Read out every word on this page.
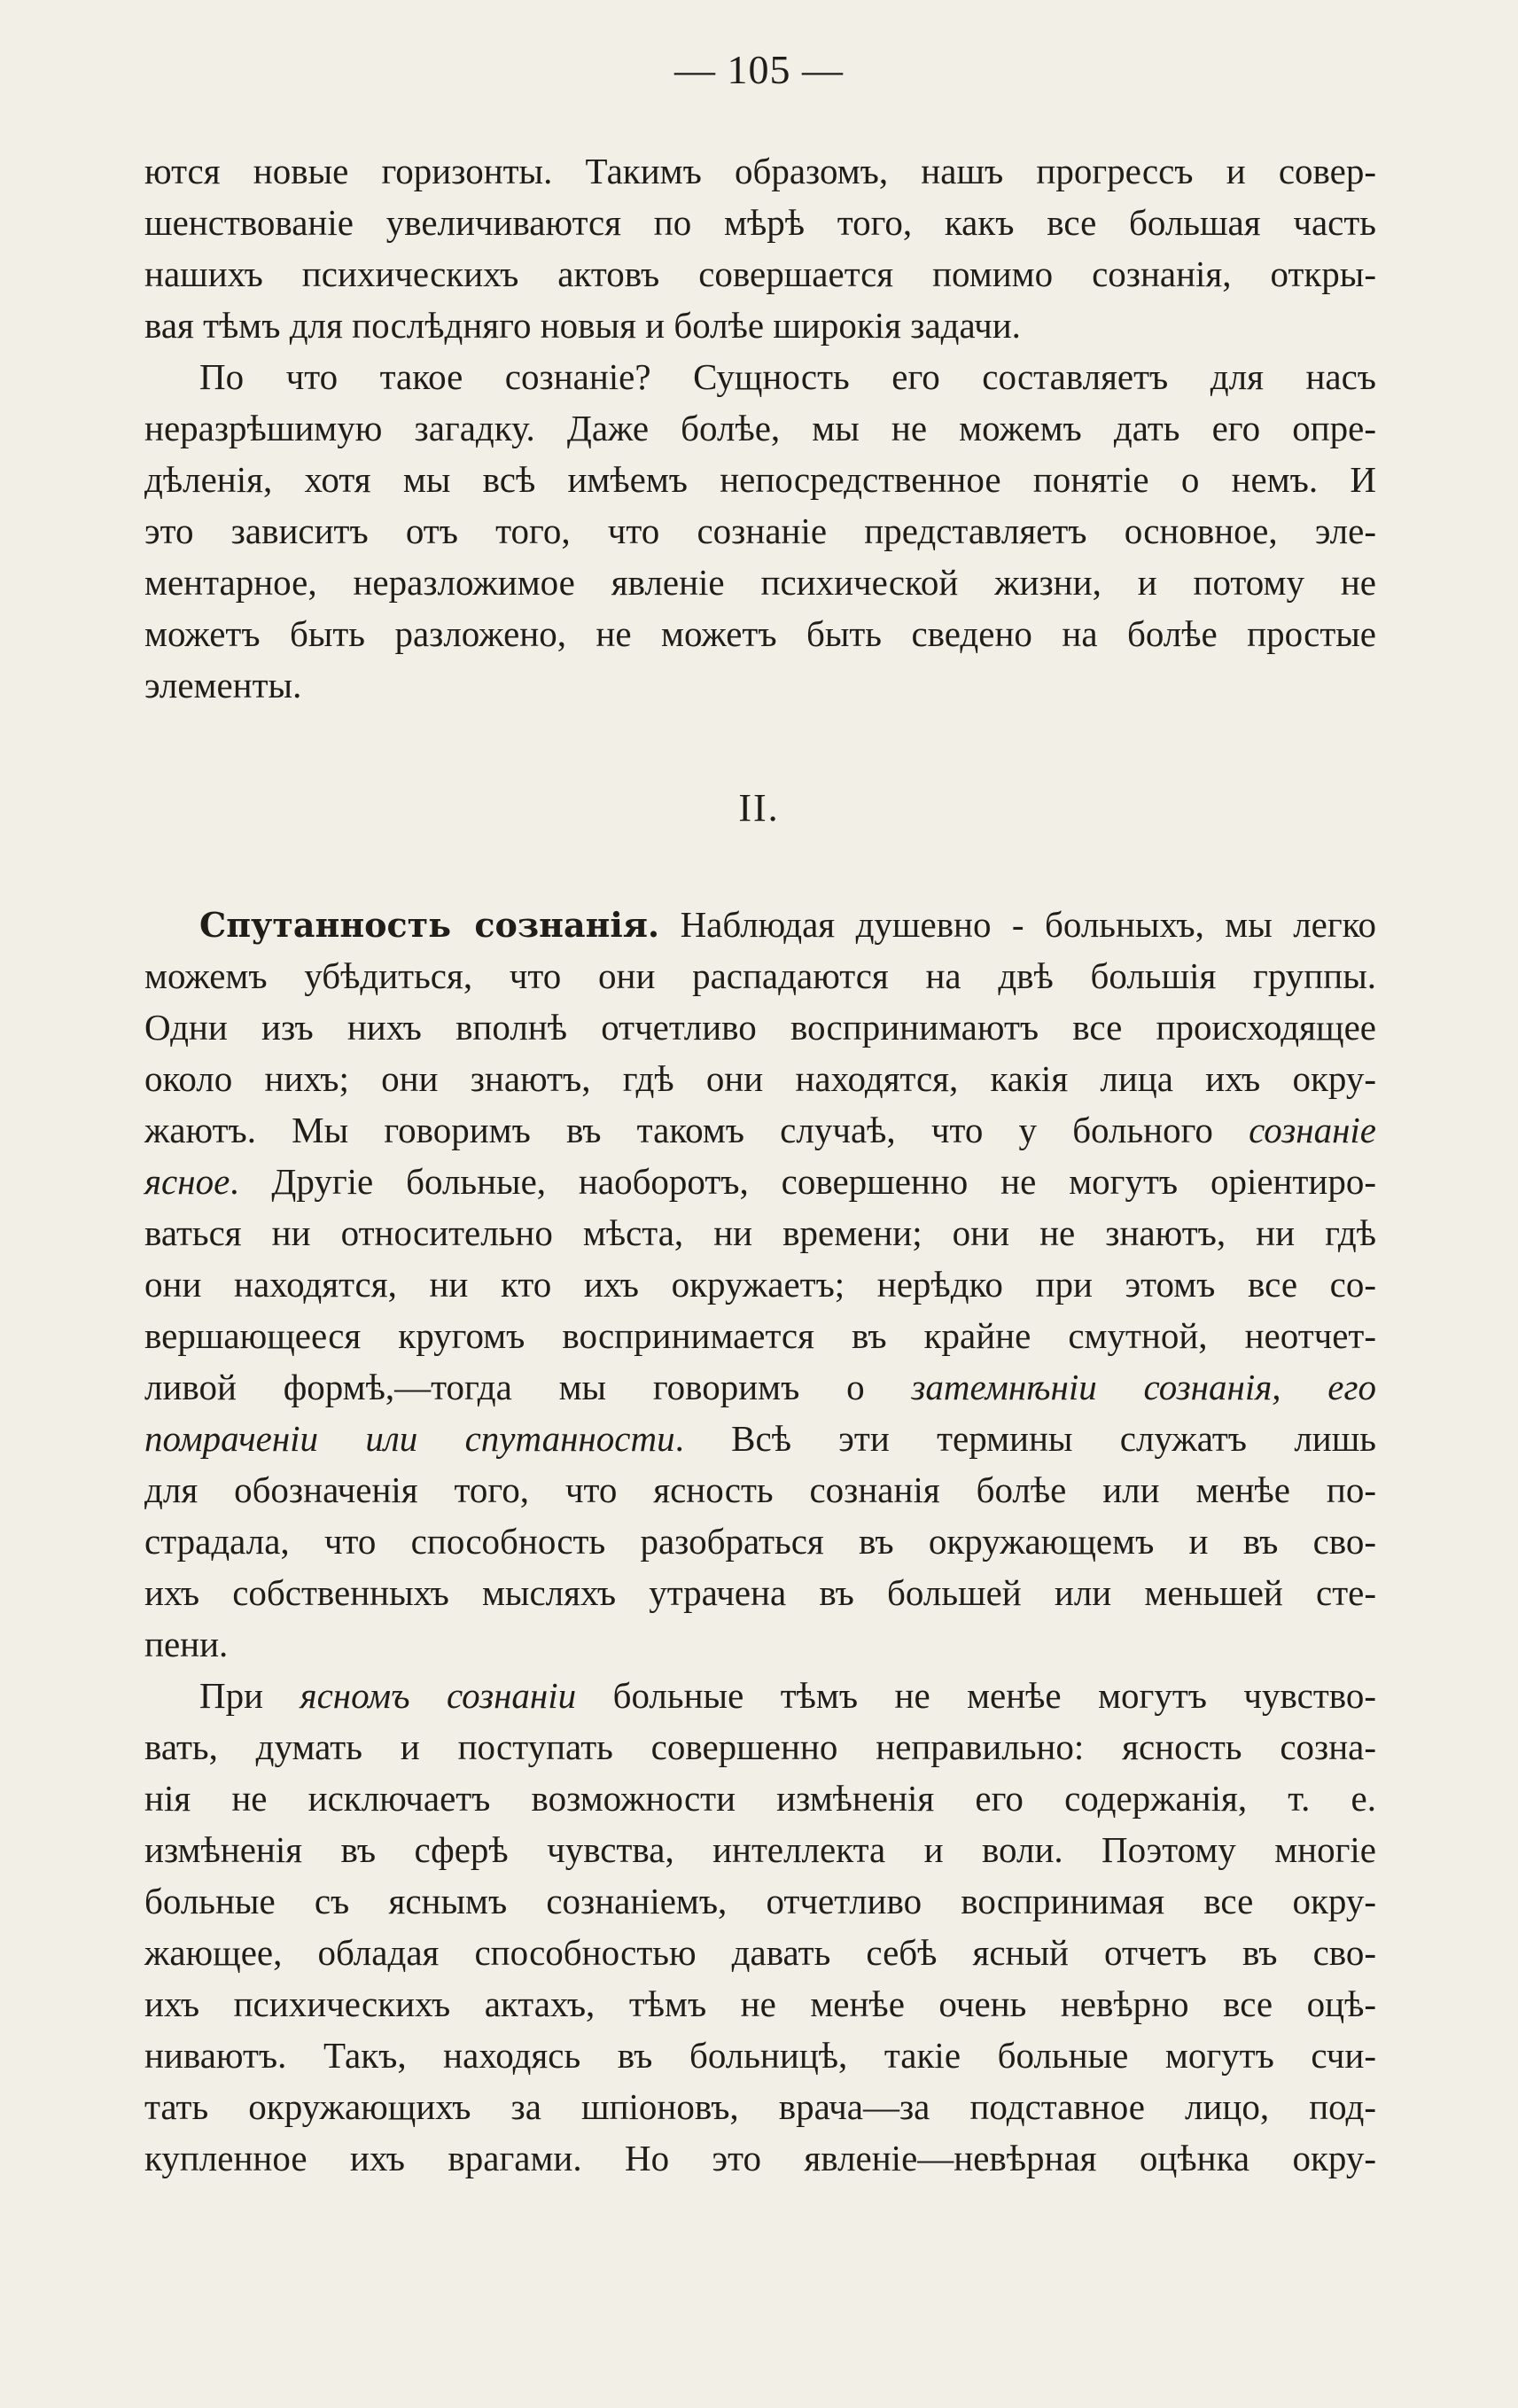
— 105 —
ются новые горизонты. Такимъ образомъ, нашъ прогрессъ и совер-
шенствованіе увеличиваются по мѣрѣ того, какъ все большая часть
нашихъ психическихъ актовъ совершается помимо сознанія, откры-
вая тѣмъ для послѣдняго новыя и болѣе широкія задачи.
По что такое сознаніе? Сущность его составляетъ для насъ
неразрѣшимую загадку. Даже болѣе, мы не можемъ дать его опре-
дѣленія, хотя мы всѣ имѣемъ непосредственное понятіе о немъ. И
это зависитъ отъ того, что сознаніе представляетъ основное, эле-
ментарное, неразложимое явленіе психической жизни, и потому не
можетъ быть разложено, не можетъ быть сведено на болѣе простые
элементы.
II.
Спутанность сознанія. Наблюдая душевно - больныхъ, мы легко
можемъ убѣдиться, что они распадаются на двѣ большія группы.
Одни изъ нихъ вполнѣ отчетливо воспринимаютъ все происходящее
около нихъ; они знаютъ, гдѣ они находятся, какія лица ихъ окру-
жаютъ. Мы говоримъ въ такомъ случаѣ, что у больного сознаніе
ясное. Другіе больные, наоборотъ, совершенно не могутъ оріентиро-
ваться ни относительно мѣста, ни времени; они не знаютъ, ни гдѣ
они находятся, ни кто ихъ окружаетъ; нерѣдко при этомъ все со-
вершающееся кругомъ воспринимается въ крайне смутной, неотчет-
ливой формѣ,—тогда мы говоримъ о затемнѣніи сознанія, его
помраченіи или спутанности. Всѣ эти термины служатъ лишь
для обозначенія того, что ясность сознанія болѣе или менѣе по-
страдала, что способность разобраться въ окружающемъ и въ сво-
ихъ собственныхъ мысляхъ утрачена въ большей или меньшей сте-
пени.
При ясномъ сознаніи больные тѣмъ не менѣе могутъ чувство-
вать, думать и поступать совершенно неправильно: ясность созна-
нія не исключаетъ возможности измѣненія его содержанія, т. е.
измѣненія въ сферѣ чувства, интеллекта и воли. Поэтому многіе
больные съ яснымъ сознаніемъ, отчетливо воспринимая все окру-
жающее, обладая способностью давать себѣ ясный отчетъ въ сво-
ихъ психическихъ актахъ, тѣмъ не менѣе очень невѣрно все оцѣ-
ниваютъ. Такъ, находясь въ больницѣ, такіе больные могутъ счи-
тать окружающихъ за шпіоновъ, врача—за подставное лицо, под-
купленное ихъ врагами. Но это явленіе—невѣрная оцѣнка окру-
